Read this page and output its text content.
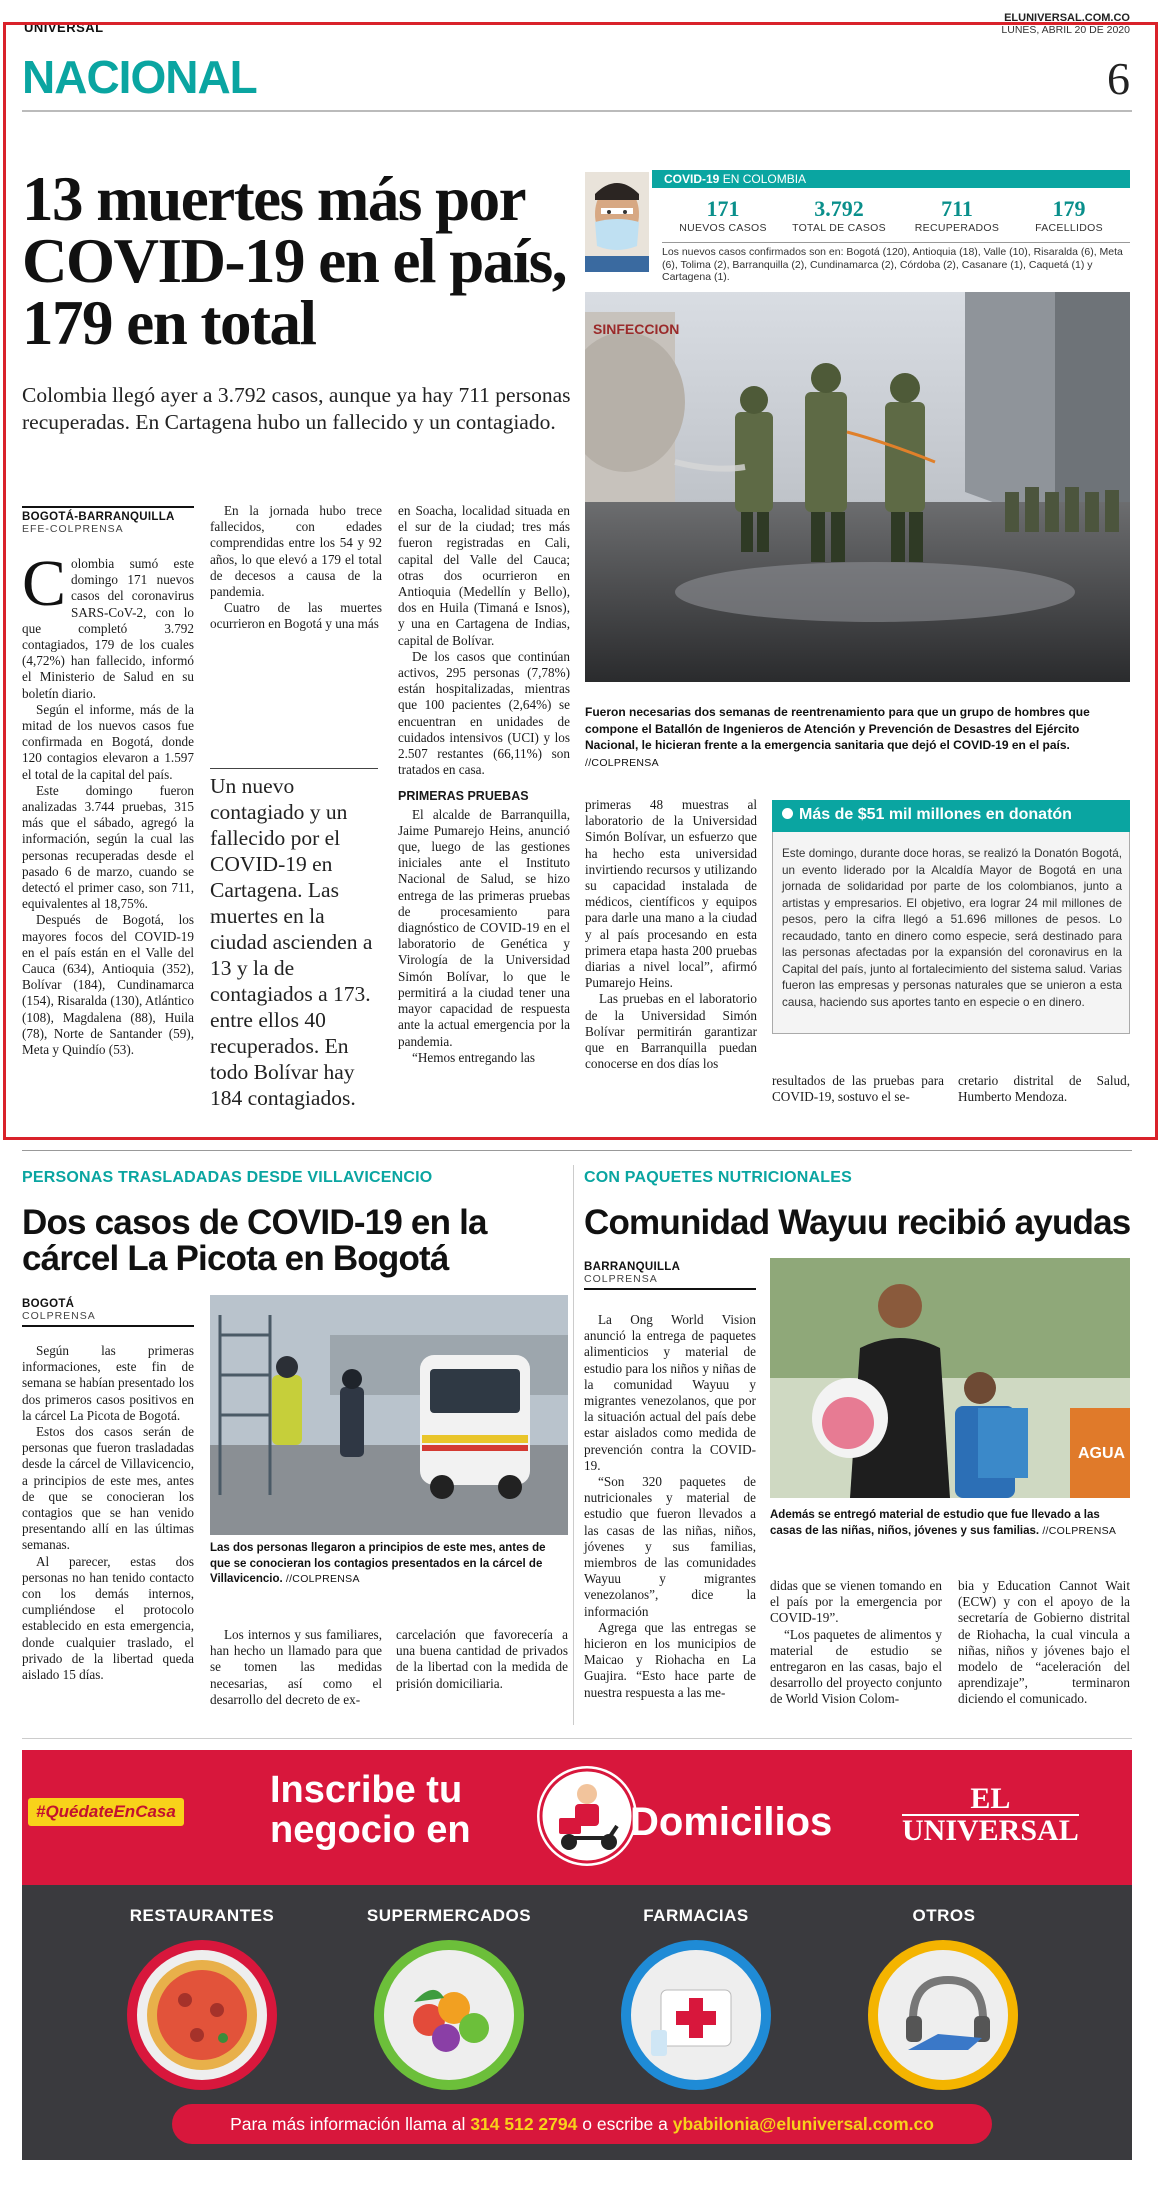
UNIVERSAL
ELUNIVERSAL.COM.CO
LUNES, ABRIL 20 DE 2020
NACIONAL	6
13 muertes más por COVID-19 en el país, 179 en total

Colombia llegó ayer a 3.792 casos, aunque ya hay 711 personas recuperadas. En Cartagena hubo un fallecido y un contagiado.

BOGOTÁ-BARRANQUILLA
EFE-COLPRENSA

Colombia sumó este domingo 171 nuevos casos del coronavirus SARS-CoV-2, con lo que completó 3.792 contagiados, 179 de los cuales (4,72%) han fallecido, informó el Ministerio de Salud en su boletín diario.

Según el informe, más de la mitad de los nuevos casos fue confirmada en Bogotá, donde 120 contagios elevaron a 1.597 el total de la capital del país.

Este domingo fueron analizadas 3.744 pruebas, 315 más que el sábado, agregó la información, según la cual las personas recuperadas desde el pasado 6 de marzo, cuando se detectó el primer caso, son 711, equivalentes al 18,75%.

Después de Bogotá, los mayores focos del COVID-19 en el país están en el Valle del Cauca (634), Antioquia (352), Bolívar (184), Cundinamarca (154), Risaralda (130), Atlántico (108), Magdalena (88), Huila (78), Norte de Santander (59), Meta y Quindío (53).

En la jornada hubo trece fallecidos, con edades comprendidas entre los 54 y 92 años, lo que elevó a 179 el total de decesos a causa de la pandemia.

Cuatro de las muertes ocurrieron en Bogotá y una más

Un nuevo contagiado y un fallecido por el COVID-19 en Cartagena. Las muertes en la ciudad ascienden a 13 y la de contagiados a 173. entre ellos 40 recuperados. En todo Bolívar hay 184 contagiados.

en Soacha, localidad situada en el sur de la ciudad; tres más fueron registradas en Cali, capital del Valle del Cauca; otras dos ocurrieron en Antioquia (Medellín y Bello), dos en Huila (Timaná e Isnos), y una en Cartagena de Indias, capital de Bolívar.

De los casos que continúan activos, 295 personas (7,78%) están hospitalizadas, mientras que 100 pacientes (2,64%) se encuentran en unidades de cuidados intensivos (UCI) y los 2.507 restantes (66,11%) son tratados en casa.

PRIMERAS PRUEBAS

El alcalde de Barranquilla, Jaime Pumarejo Heins, anunció que, luego de las gestiones iniciales ante el Instituto Nacional de Salud, se hizo entrega de las primeras pruebas de procesamiento para diagnóstico de COVID-19 en el laboratorio de Genética y Virología de la Universidad Simón Bolívar, lo que le permitirá a la ciudad tener una mayor capacidad de respuesta ante la actual emergencia por la pandemia.

“Hemos entregando las

primeras 48 muestras al laboratorio de la Universidad Simón Bolívar, un esfuerzo que ha hecho esta universidad invirtiendo recursos y utilizando su capacidad instalada de médicos, científicos y equipos para darle una mano a la ciudad y al país procesando en esta primera etapa hasta 200 pruebas diarias a nivel local”, afirmó Pumarejo Heins.

Las pruebas en el laboratorio de la Universidad Simón Bolívar permitirán garantizar que en Barranquilla puedan conocerse en dos días los

resultados de las pruebas para COVID-19, sostuvo el se-
cretario distrital de Salud, Humberto Mendoza.
COVID-19 EN COLOMBIA
171
NUEVOS CASOS
3.792
TOTAL DE CASOS
711
RECUPERADOS
179
FACELLIDOS
Los nuevos casos confirmados son en: Bogotá (120), Antioquia (18), Valle (10), Risaralda (6), Meta (6), Tolima (2), Barranquilla (2), Cundinamarca (2), Córdoba (2), Casanare (1), Caquetá (1) y Cartagena (1).
SINFECCION
Fueron necesarias dos semanas de reentrenamiento para que un grupo de hombres que compone el Batallón de Ingenieros de Atención y Prevención de Desastres del Ejército Nacional, le hicieran frente a la emergencia sanitaria que dejó el COVID-19 en el país. //COLPRENSA
Más de $51 mil millones en donatón
Este domingo, durante doce horas, se realizó la Donatón Bogotá, un evento liderado por la Alcaldía Mayor de Bogotá en una jornada de solidaridad por parte de los colombianos, junto a artistas y empresarios. El objetivo, era lograr 24 mil millones de pesos, pero la cifra llegó a 51.696 millones de pesos. Lo recaudado, tanto en dinero como especie, será destinado para las personas afectadas por la expansión del coronavirus en la Capital del país, junto al fortalecimiento del sistema salud. Varias fueron las empresas y personas naturales que se unieron a esta causa, haciendo sus aportes tanto en especie o en dinero.
PERSONAS TRASLADADAS DESDE VILLAVICENCIO
Dos casos de COVID-19 en la cárcel La Picota en Bogotá
BOGOTÁ
COLPRENSA

Según las primeras informaciones, este fin de semana se habían presentado los dos primeros casos positivos en la cárcel La Picota de Bogotá.

Estos dos casos serán de personas que fueron trasladadas desde la cárcel de Villavicencio, a principios de este mes, antes de que se conocieran los contagios que se han venido presentando allí en las últimas semanas.

Al parecer, estas dos personas no han tenido contacto con los demás internos, cumpliéndose el protocolo establecido en esta emergencia, donde cualquier traslado, el privado de la libertad queda aislado 15 días.

Las dos personas llegaron a principios de este mes, antes de que se conocieran los contagios presentados en la cárcel de Villavicencio. //COLPRENSA

Los internos y sus familiares, han hecho un llamado para que se tomen las medidas necesarias, así como el desarrollo del decreto de ex-

carcelación que favorecería a una buena cantidad de privados de la libertad con la medida de prisión domiciliaria.

CON PAQUETES NUTRICIONALES
Comunidad Wayuu recibió ayudas
BARRANQUILLA
COLPRENSA

La Ong World Vision anunció la entrega de paquetes alimenticios y material de estudio para los niños y niñas de la comunidad Wayuu y migrantes venezolanos, que por la situación actual del país debe estar aislados como medida de prevención contra la COVID-19.

“Son 320 paquetes de nutricionales y material de estudio que fueron llevados a las casas de las niñas, niños, jóvenes y sus familias, miembros de las comunidades Wayuu y migrantes venezolanos”, dice la información

Agrega que las entregas se hicieron en los municipios de Maicao y Riohacha en La Guajira. “Esto hace parte de nuestra respuesta a las me-

AGUA
Además se entregó material de estudio que fue llevado a las casas de las niñas, niños, jóvenes y sus familias. //COLPRENSA

didas que se vienen tomando en el país por la emergencia por COVID-19”.

“Los paquetes de alimentos y material de estudio se entregaron en las casas, bajo el desarrollo del proyecto conjunto de World Vision Colom-

bia y Education Cannot Wait (ECW) y con el apoyo de la secretaría de Gobierno distrital de Riohacha, la cual vincula a niñas, niños y jóvenes bajo el modelo de “aceleración del aprendizaje”, terminaron diciendo el comunicado.

#QuédateEnCasa
Inscribe tu
negocio en	Domicilios
EL
UNIVERSAL
RESTAURANTES	SUPERMERCADOS	FARMACIAS	OTROS
Para más información llama al 314 512 2794 o escribe a ybabilonia@eluniversal.com.co
